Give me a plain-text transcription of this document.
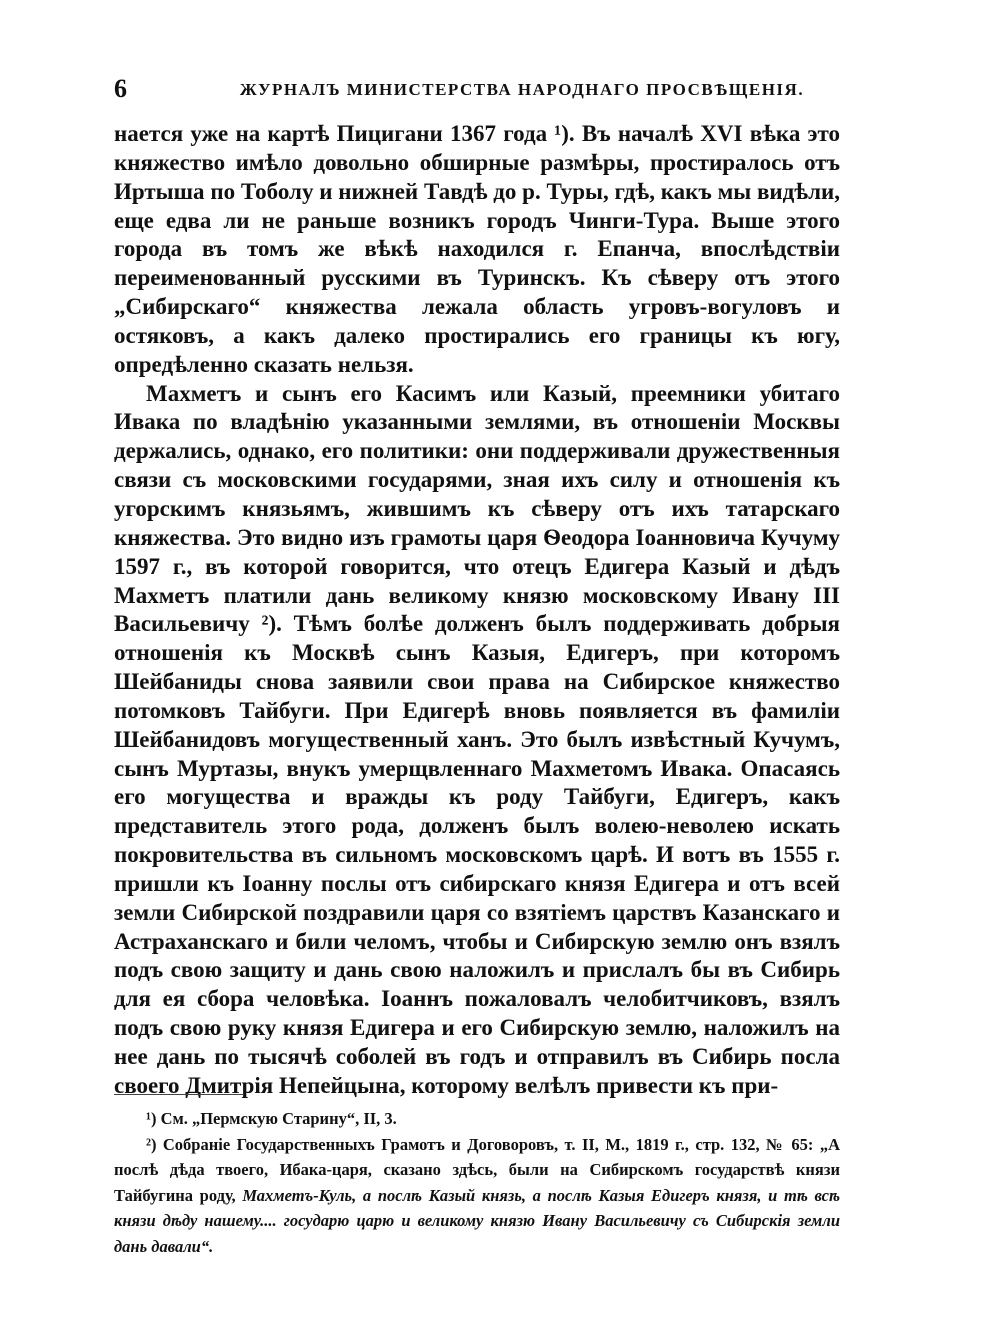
6	ЖУРНАЛЪ МИНИСТЕРСТВА НАРОДНАГО ПРОСВѢЩЕНІЯ.

нается уже на картѣ Пицигани 1367 года ¹). Въ началѣ XVI вѣка это княжество имѣло довольно обширные размѣры, простиралось отъ Иртыша по Тоболу и нижней Тавдѣ до р. Туры, гдѣ, какъ мы видѣли, еще едва ли не раньше возникъ городъ Чинги-Тура. Выше этого города въ томъ же вѣкѣ находился г. Епанча, впослѣдствіи переименованный русскими въ Туринскъ. Къ сѣверу отъ этого „Сибирскаго“ княжества лежала область угровъ-вогуловъ и остяковъ, а какъ далеко простирались его границы къ югу, опредѣленно сказать нельзя.

Махметъ и сынъ его Касимъ или Казый, преемники убитаго Ивака по владѣнію указанными землями, въ отношеніи Москвы держались, однако, его политики: они поддерживали дружественныя связи съ московскими государями, зная ихъ силу и отношенія къ угорскимъ князьямъ, жившимъ къ сѣверу отъ ихъ татарскаго княжества. Это видно изъ грамоты царя Ѳеодора Іоанновича Кучуму 1597 г., въ которой говорится, что отецъ Едигера Казый и дѣдъ Махметъ платили дань великому князю московскому Ивану III Васильевичу ²). Тѣмъ болѣе долженъ былъ поддерживать добрыя отношенія къ Москвѣ сынъ Казыя, Едигеръ, при которомъ Шейбаниды снова заявили свои права на Сибирское княжество потомковъ Тайбуги. При Едигерѣ вновь появляется въ фамиліи Шейбанидовъ могущественный ханъ. Это былъ извѣстный Кучумъ, сынъ Муртазы, внукъ умерщвленнаго Махметомъ Ивака. Опасаясь его могущества и вражды къ роду Тайбуги, Едигеръ, какъ представитель этого рода, долженъ былъ волею-неволею искать покровительства въ сильномъ московскомъ царѣ. И вотъ въ 1555 г. пришли къ Іоанну послы отъ сибирскаго князя Едигера и отъ всей земли Сибирской поздравили царя со взятіемъ царствъ Казанскаго и Астраханскаго и били челомъ, чтобы и Сибирскую землю онъ взялъ подъ свою защиту и дань свою наложилъ и прислалъ бы въ Сибирь для ея сбора человѣка. Іоаннъ пожаловалъ челобитчиковъ, взялъ подъ свою руку князя Едигера и его Сибирскую землю, наложилъ на нее дань по тысячѣ соболей въ годъ и отправилъ въ Сибирь посла своего Дмитрія Непейцына, которому велѣлъ привести къ при-

¹) См. „Пермскую Старину“, II, 3.

²) Собраніе Государственныхъ Грамотъ и Договоровъ, т. II, М., 1819 г., стр. 132, № 65: „А послѣ дѣда твоего, Ибака-царя, сказано здѣсь, были на Сибирскомъ государствѣ князи Тайбугина роду, Махметъ-Куль, а послѣ Казый князь, а послѣ Казыя Едигеръ князя, и тѣ всѣ князи дѣду нашему.... государю царю и великому князю Ивану Васильевичу съ Сибирскія земли дань давали“.
